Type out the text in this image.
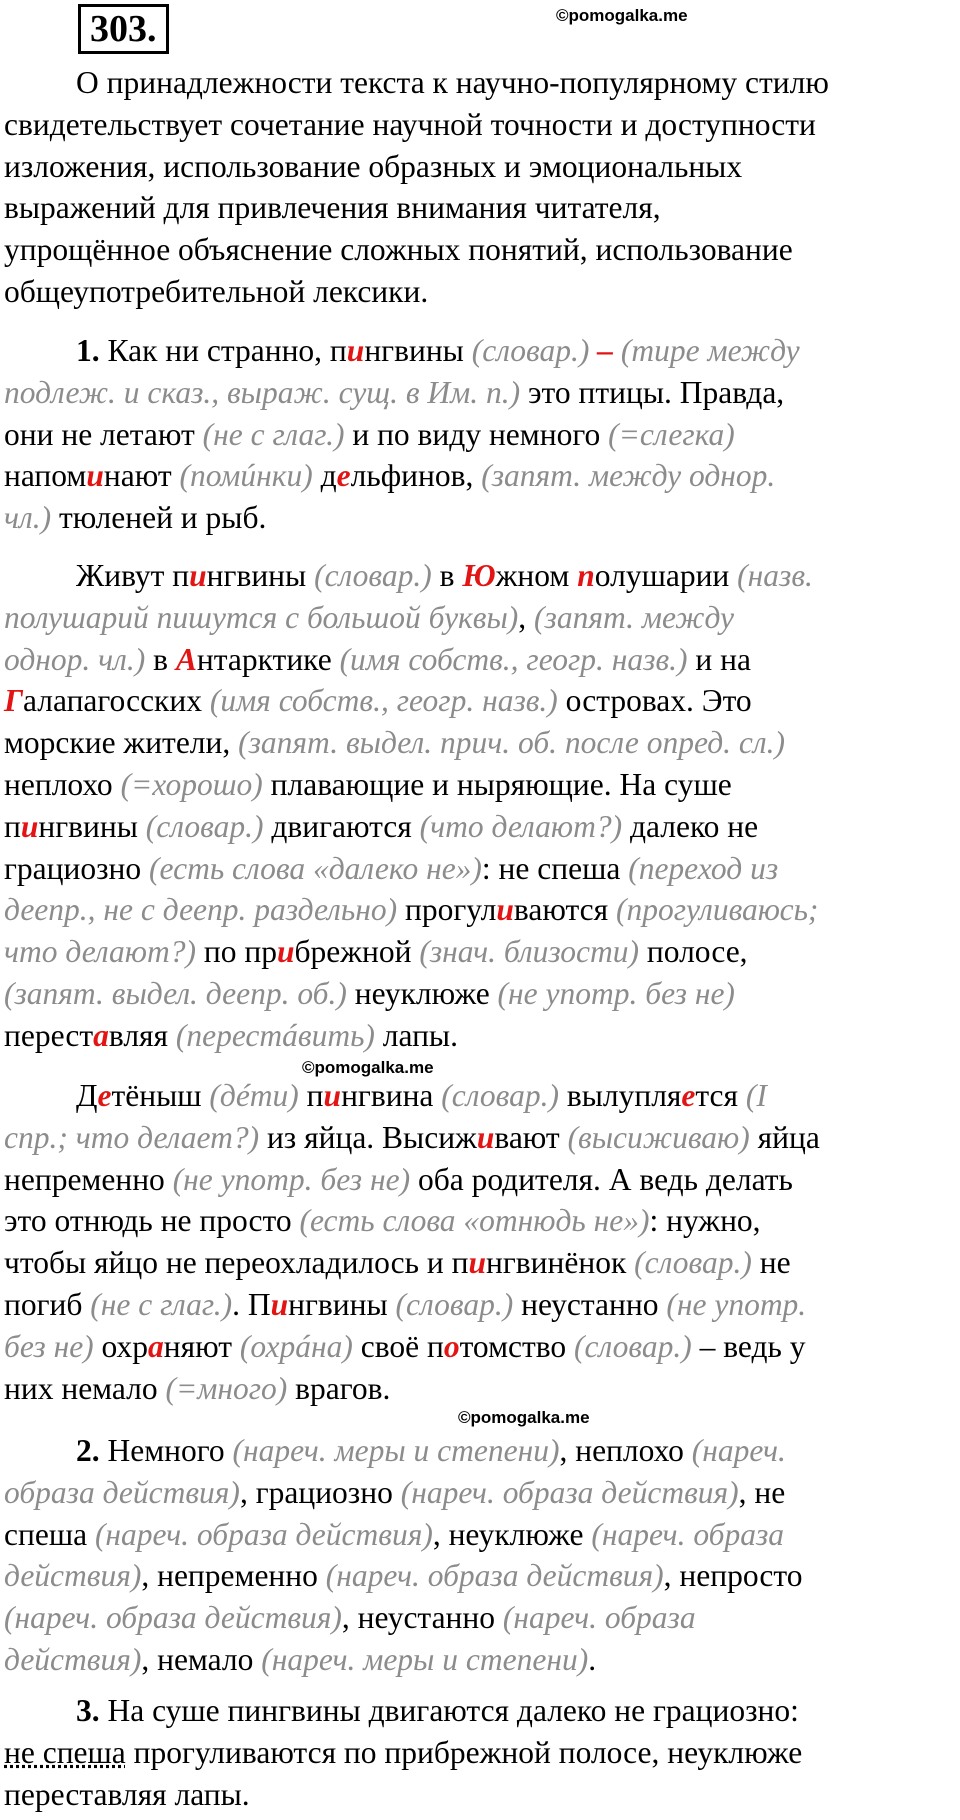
303.	©pomogalka.me
©pomogalka.me
©pomogalka.me
О принадлежности текста к научно-популярному стилю
свидетельствует сочетание научной точности и доступности
изложения, использование образных и эмоциональных
выражений для привлечения внимания читателя,
упрощённое объяснение сложных понятий, использование
общеупотребительной лексики.
1. Как ни странно, пингвины (словар.) – (тире между
подлеж. и сказ., выраж. сущ. в Им. п.) это птицы. Правда,
они не летают (не с глаг.) и по виду немного (=слегка)
напоминают (помúнки) дельфинов, (запят. между однор.
чл.) тюленей и рыб.
Живут пингвины (словар.) в Южном полушарии (назв.
полушарий пишутся с большой буквы), (запят. между
однор. чл.) в Антарктике (имя собств., геогр. назв.) и на
Галапагосских (имя собств., геогр. назв.) островах. Это
морские жители, (запят. выдел. прич. об. после опред. сл.)
неплохо (=хорошо) плавающие и ныряющие. На суше
пингвины (словар.) двигаются (что делают?) далеко не
грациозно (есть слова «далеко не»): не спеша (переход из
деепр., не с деепр. раздельно) прогуливаются (прогуливаюсь;
что делают?) по прибрежной (знач. близости) полосе,
(запят. выдел. деепр. об.) неуклюже (не употр. без не)
переставляя (перестáвить) лапы.
Детёныш (дéти) пингвина (словар.) вылупляется (I
спр.; что делает?) из яйца. Высиживают (высиживаю) яйца
непременно (не употр. без не) оба родителя. А ведь делать
это отнюдь не просто (есть слова «отнюдь не»): нужно,
чтобы яйцо не переохладилось и пингвинёнок (словар.) не
погиб (не с глаг.). Пингвины (словар.) неустанно (не употр.
без не) охраняют (охрáна) своё потомство (словар.) – ведь у
них немало (=много) врагов.
2. Немного (нареч. меры и степени), неплохо (нареч.
образа действия), грациозно (нареч. образа действия), не
спеша (нареч. образа действия), неуклюже (нареч. образа
действия), непременно (нареч. образа действия), непросто
(нареч. образа действия), неустанно (нареч. образа
действия), немало (нареч. меры и степени).
3. На суше пингвины двигаются далеко не грациозно:
не спеша прогуливаются по прибрежной полосе, неуклюже
переставляя лапы.
